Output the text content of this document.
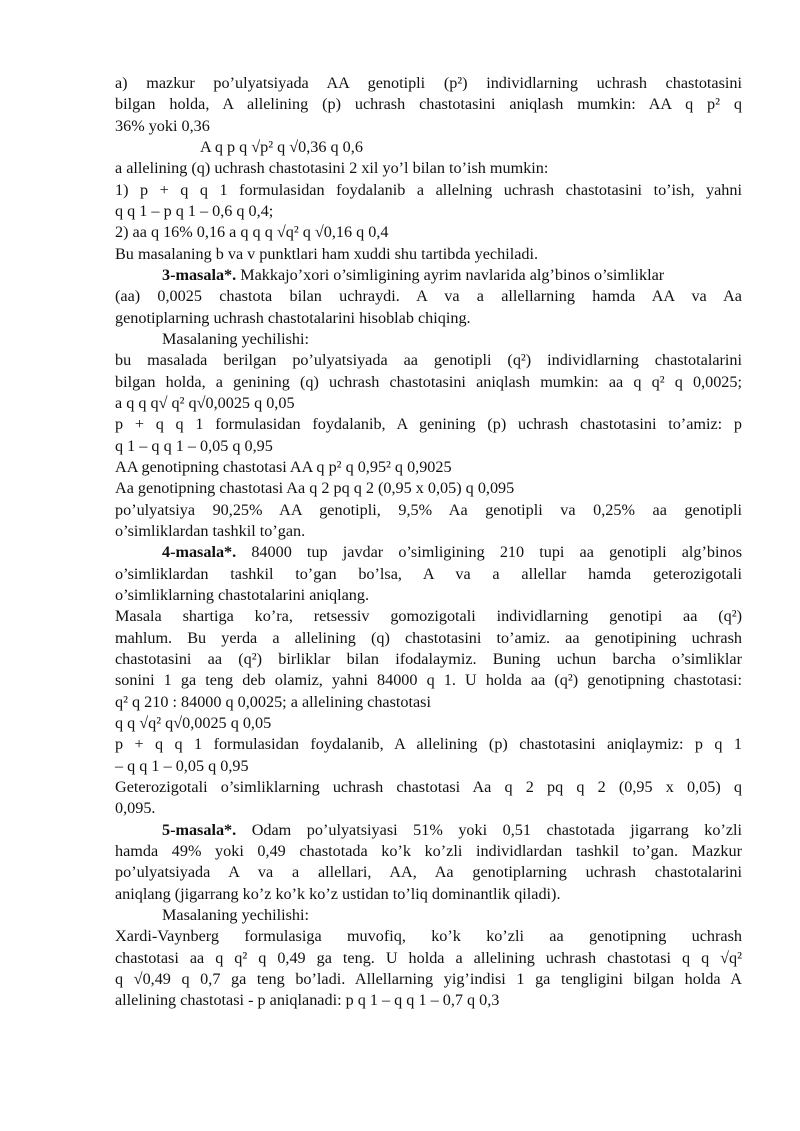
a) mazkur po’ulyatsiyada AA genotipli (p²) individlarning uchrash chastotasini
bilgan holda, A allelining (p) uchrash chastotasini aniqlash mumkin: AA q p² q
36% yoki 0,36
A q p q √p² q √0,36 q 0,6
a allelining (q) uchrash chastotasini 2 xil yo’l bilan to’ish mumkin:
1) p + q q 1 formulasidan foydalanib a allelning uchrash chastotasini to’ish, yahni
q q 1 – p q 1 – 0,6 q 0,4;
2) aa q 16% 0,16 a q q q √q² q √0,16 q 0,4
Bu masalaning b va v punktlari ham xuddi shu tartibda yechiladi.
3-masala*. Makkajo’xori o’simligining ayrim navlarida alg’binos o’simliklar
(aa) 0,0025 chastota bilan uchraydi. A va a allellarning hamda AA va Aa
genotiplarning uchrash chastotalarini hisoblab chiqing.
Masalaning yechilishi:
bu masalada berilgan po’ulyatsiyada aa genotipli (q²) individlarning chastotalarini
bilgan holda, a genining (q) uchrash chastotasini aniqlash mumkin: aa q q² q 0,0025;
a q q q√ q² q√0,0025 q 0,05
p + q q 1 formulasidan foydalanib, A genining (p) uchrash chastotasini to’amiz: p
q 1 – q q 1 – 0,05 q 0,95
AA genotipning chastotasi AA q p² q 0,95² q 0,9025
Aa genotipning chastotasi Aa q 2 pq q 2 (0,95 x 0,05) q 0,095
po’ulyatsiya 90,25% AA genotipli, 9,5% Aa genotipli va 0,25% aa genotipli
o’simliklardan tashkil to’gan.
4-masala*. 84000 tup javdar o’simligining 210 tupi aa genotipli alg’binos
o’simliklardan tashkil to’gan bo’lsa, A va a allellar hamda geterozigotali
o’simliklarning chastotalarini aniqlang.
Masala shartiga ko’ra, retsessiv gomozigotali individlarning genotipi aa (q²)
mahlum. Bu yerda a allelining (q) chastotasini to’amiz. aa genotipining uchrash
chastotasini aa (q²) birliklar bilan ifodalaymiz. Buning uchun barcha o’simliklar
sonini 1 ga teng deb olamiz, yahni 84000 q 1. U holda aa (q²) genotipning chastotasi:
q² q 210 : 84000 q 0,0025; a allelining chastotasi
q q √q² q√0,0025 q 0,05
p + q q 1 formulasidan foydalanib, A allelining (p) chastotasini aniqlaymiz: p q 1
– q q 1 – 0,05 q 0,95
Geterozigotali o’simliklarning uchrash chastotasi Aa q 2 pq q 2 (0,95 x 0,05) q
0,095.
5-masala*. Odam po’ulyatsiyasi 51% yoki 0,51 chastotada jigarrang ko’zli
hamda 49% yoki 0,49 chastotada ko’k ko’zli individlardan tashkil to’gan. Mazkur
po’ulyatsiyada A va a allellari, AA, Aa genotiplarning uchrash chastotalarini
aniqlang (jigarrang ko’z ko’k ko’z ustidan to’liq dominantlik qiladi).
Masalaning yechilishi:
Xardi-Vaynberg formulasiga muvofiq, ko’k ko’zli aa genotipning uchrash
chastotasi aa q q² q 0,49 ga teng. U holda a allelining uchrash chastotasi q q √q²
q √0,49 q 0,7 ga teng bo’ladi. Allellarning yig’indisi 1 ga tengligini bilgan holda A
allelining chastotasi - p aniqlanadi: p q 1 – q q 1 – 0,7 q 0,3
